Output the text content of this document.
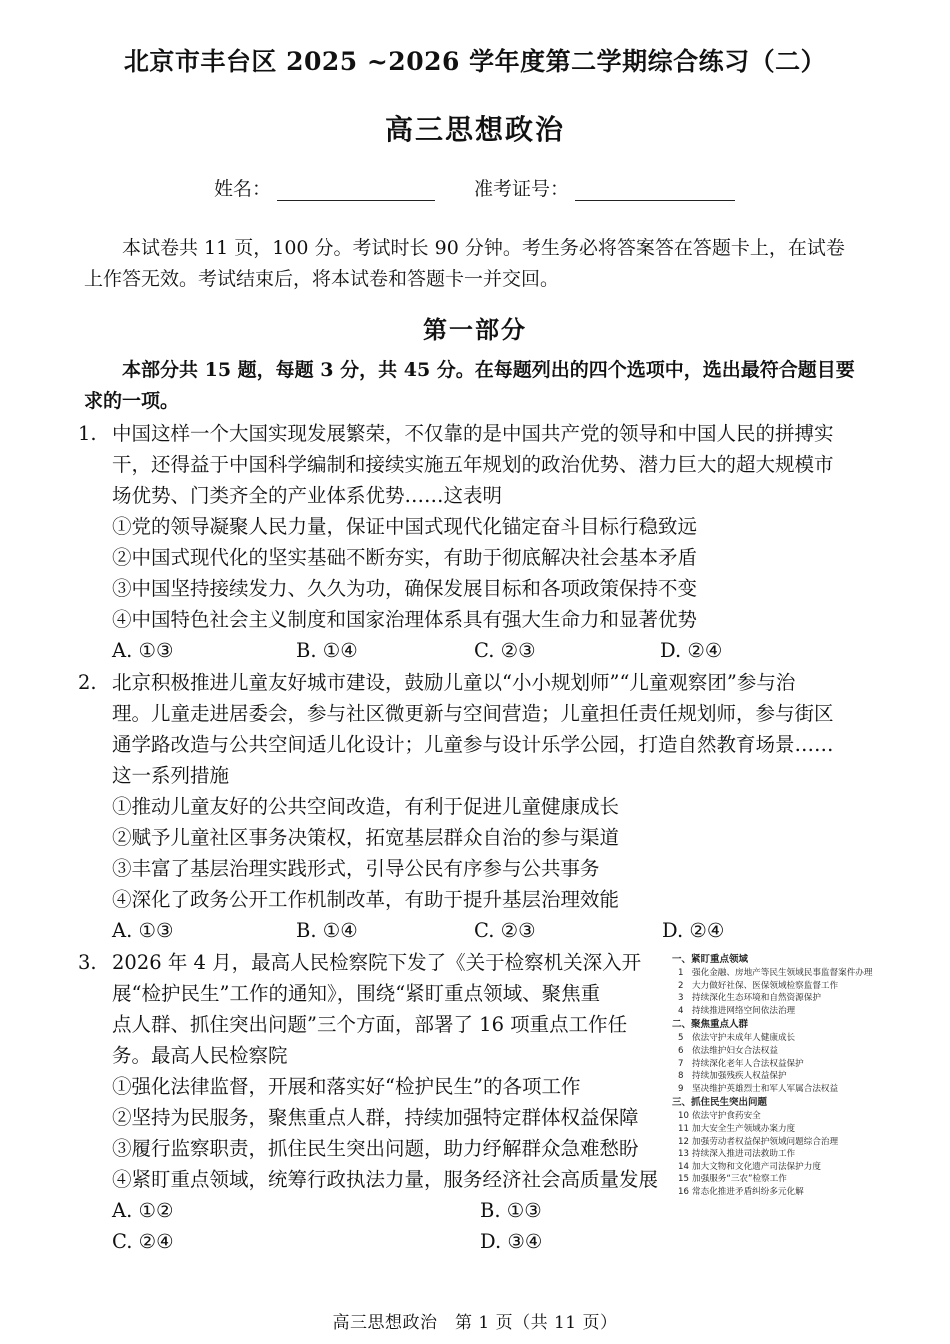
北京市丰台区 2025 ~2026 学年度第二学期综合练习（二）
高三思想政治
姓名：	准考证号：
本试卷共 11 页，100 分。考试时长 90 分钟。考生务必将答案答在答题卡上，在试卷
上作答无效。考试结束后，将本试卷和答题卡一并交回。
第一部分
本部分共 15 题，每题 3 分，共 45 分。在每题列出的四个选项中，选出最符合题目要
求的一项。
1. 中国这样一个大国实现发展繁荣，不仅靠的是中国共产党的领导和中国人民的拼搏实
干，还得益于中国科学编制和接续实施五年规划的政治优势、潜力巨大的超大规模市
场优势、门类齐全的产业体系优势……这表明
①党的领导凝聚人民力量，保证中国式现代化锚定奋斗目标行稳致远
②中国式现代化的坚实基础不断夯实，有助于彻底解决社会基本矛盾
③中国坚持接续发力、久久为功，确保发展目标和各项政策保持不变
④中国特色社会主义制度和国家治理体系具有强大生命力和显著优势
A. ①③	B. ①④	C. ②③	D. ②④
2. 北京积极推进儿童友好城市建设，鼓励儿童以“小小规划师”“儿童观察团”参与治
理。儿童走进居委会，参与社区微更新与空间营造；儿童担任责任规划师，参与街区
通学路改造与公共空间适儿化设计；儿童参与设计乐学公园，打造自然教育场景……
这一系列措施
①推动儿童友好的公共空间改造，有利于促进儿童健康成长
②赋予儿童社区事务决策权，拓宽基层群众自治的参与渠道
③丰富了基层治理实践形式，引导公民有序参与公共事务
④深化了政务公开工作机制改革，有助于提升基层治理效能
A. ①③	B. ①④	C. ②③	D. ②④
3. 2026 年 4 月，最高人民检察院下发了《关于检察机关深入开
展“检护民生”工作的通知》，围绕“紧盯重点领域、聚焦重
点人群、抓住突出问题”三个方面，部署了 16 项重点工作任
务。最高人民检察院
①强化法律监督，开展和落实好“检护民生”的各项工作
②坚持为民服务，聚焦重点人群，持续加强特定群体权益保障
③履行监察职责，抓住民生突出问题，助力纾解群众急难愁盼
④紧盯重点领域，统筹行政执法力量，服务经济社会高质量发展
A. ①②	B. ①③
C. ②④	D. ③④
一、紧盯重点领域
1 强化金融、房地产等民生领域民事监督案件办理
2 大力做好社保、医保领域检察监督工作
3 持续深化生态环境和自然资源保护
4 持续推进网络空间依法治理
二、聚焦重点人群
5 依法守护未成年人健康成长
6 依法维护妇女合法权益
7 持续深化老年人合法权益保护
8 持续加强残疾人权益保护
9 坚决维护英雄烈士和军人军属合法权益
三、抓住民生突出问题
10 依法守护食药安全
11 加大安全生产领域办案力度
12 加强劳动者权益保护领域问题综合治理
13 持续深入推进司法救助工作
14 加大文物和文化遗产司法保护力度
15 加强服务“三农”检察工作
16 常态化推进矛盾纠纷多元化解
高三思想政治　第 1 页（共 11 页）
